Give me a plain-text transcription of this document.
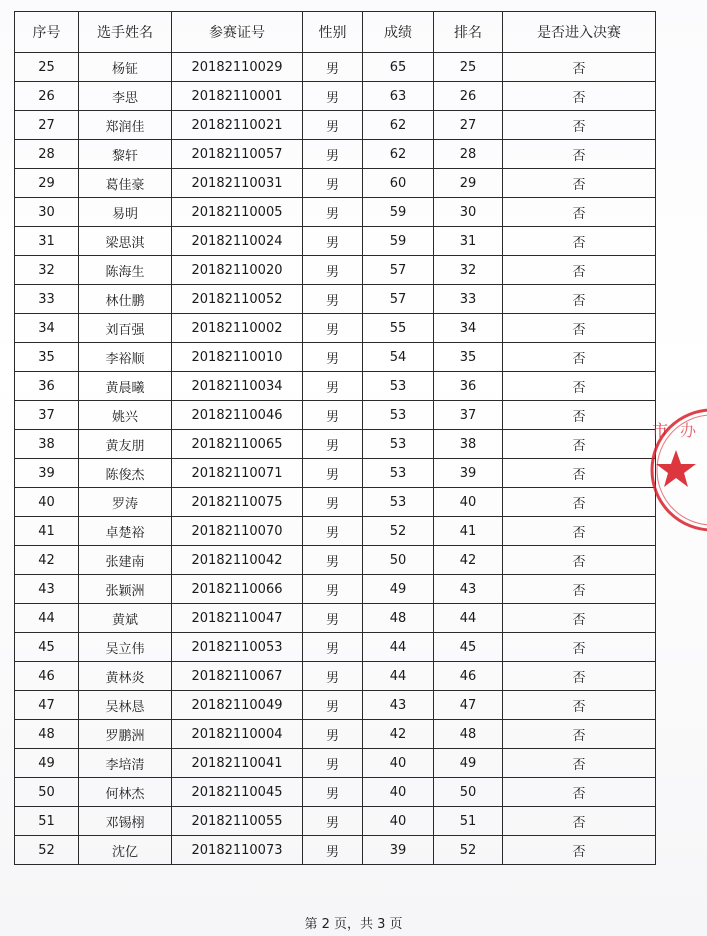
序号	选手姓名	参赛证号	性别	成绩	排名	是否进入决赛
25	杨钲	20182110029	男	65	25	否
26	李思	20182110001	男	63	26	否
27	郑润佳	20182110021	男	62	27	否
28	黎轩	20182110057	男	62	28	否
29	葛佳豪	20182110031	男	60	29	否
30	易明	20182110005	男	59	30	否
31	梁思淇	20182110024	男	59	31	否
32	陈海生	20182110020	男	57	32	否
33	林仕鹏	20182110052	男	57	33	否
34	刘百强	20182110002	男	55	34	否
35	李裕顺	20182110010	男	54	35	否
36	黄晨曦	20182110034	男	53	36	否
37	姚兴	20182110046	男	53	37	否
38	黄友朋	20182110065	男	53	38	否
39	陈俊杰	20182110071	男	53	39	否
40	罗涛	20182110075	男	53	40	否
41	卓楚裕	20182110070	男	52	41	否
42	张建南	20182110042	男	50	42	否
43	张颖洲	20182110066	男	49	43	否
44	黄斌	20182110047	男	48	44	否
45	吴立伟	20182110053	男	44	45	否
46	黄林炎	20182110067	男	44	46	否
47	吴林恳	20182110049	男	43	47	否
48	罗鹏洲	20182110004	男	42	48	否
49	李培清	20182110041	男	40	49	否
50	何林杰	20182110045	男	40	50	否
51	邓锡栩	20182110055	男	40	51	否
52	沈亿	20182110073	男	39	52	否
市 办
第 2 页，共 3 页
